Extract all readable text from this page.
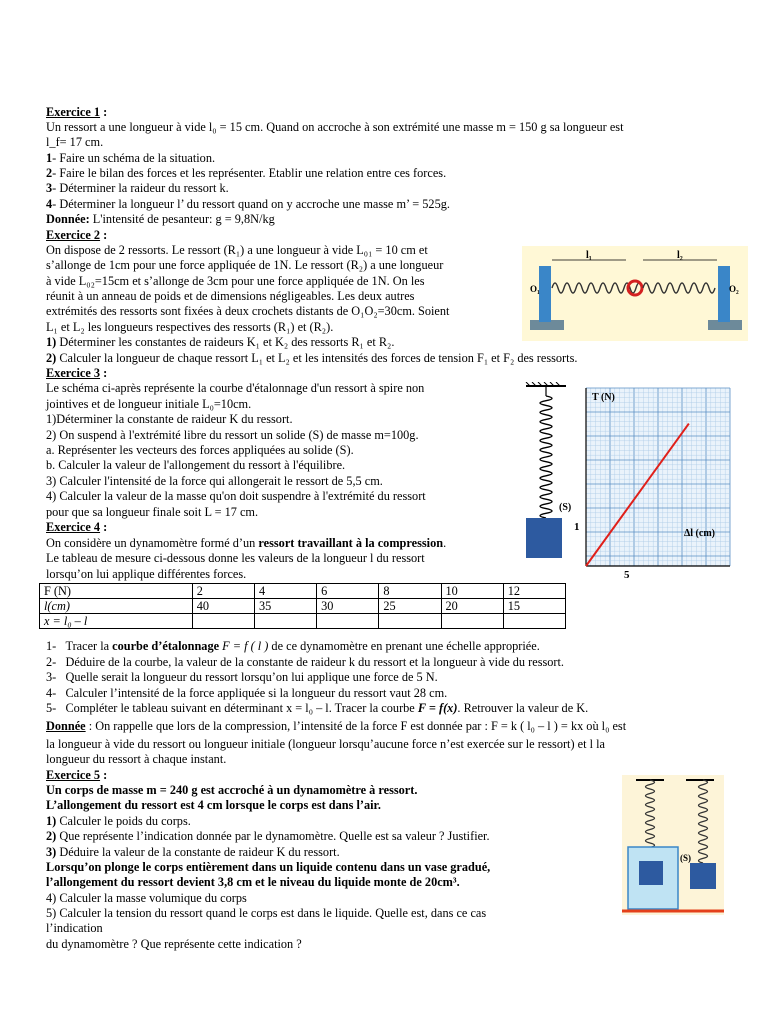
Exercice 1 :
Un ressort a une longueur à vide l₀ = 15 cm. Quand on accroche à son extrémité une masse m = 150 g sa longueur est
l_f= 17 cm.
1- Faire un schéma de la situation.
2- Faire le bilan des forces et les représenter. Etablir une relation entre ces forces.
3- Déterminer la raideur du ressort k.
4- Déterminer la longueur l’ du ressort quand on y accroche une masse m’ = 525g.
Donnée: L'intensité de pesanteur: g = 9,8N/kg
Exercice 2 :
On dispose de 2 ressorts. Le ressort (R₁) a une longueur à vide L₀₁ = 10 cm et
s’allonge de 1cm pour une force appliquée de 1N. Le ressort (R₂) a une longueur
à vide L₀₂=15cm et s’allonge de 3cm pour une force appliquée de 1N. On les
réunit à un anneau de poids et de dimensions négligeables. Les deux autres
extrémités des ressorts sont fixées à deux crochets distants de O₁O₂=30cm. Soient
L₁ et L₂ les longueurs respectives des ressorts (R₁) et (R₂).
1) Déterminer les constantes de raideurs K₁ et K₂ des ressorts R₁ et R₂.
2) Calculer la longueur de chaque ressort L₁ et L₂ et les intensités des forces de tension F₁ et F₂ des ressorts.
l₁	l₂
O₁	O₂
Exercice 3 :
Le schéma ci-après représente la courbe d'étalonnage d'un ressort à spire non
jointives et de longueur initiale L₀=10cm.
1)Déterminer la constante de raideur K du ressort.
2) On suspend à l'extrémité libre du ressort un solide (S) de masse m=100g.
a. Représenter les vecteurs des forces appliquées au solide (S).
b. Calculer la valeur de l'allongement du ressort à l'équilibre.
3) Calculer l'intensité de la force qui allongerait le ressort de 5,5 cm.
4) Calculer la valeur de la masse qu'on doit suspendre à l'extrémité du ressort
pour que sa longueur finale soit L = 17 cm.	(S)
T (N)
Δl (cm)
5
1
Exercice 4 :
On considère un dynamomètre formé d’un ressort travaillant à la compression.
Le tableau de mesure ci-dessous donne les valeurs de la longueur l du ressort
lorsqu’on lui applique différentes forces.
F (N)	2	4	6	8	10	12
l(cm)	40	35	30	25	20	15
x = l₀ – l						
1- Tracer la courbe d’étalonnage F = f ( l ) de ce dynamomètre en prenant une échelle appropriée.
2- Déduire de la courbe, la valeur de la constante de raideur k du ressort et la longueur à vide du ressort.
3- Quelle serait la longueur du ressort lorsqu’on lui applique une force de 5 N.
4- Calculer l’intensité de la force appliquée si la longueur du ressort vaut 28 cm.
5- Compléter le tableau suivant en déterminant x = l₀ – l. Tracer la courbe F = f(x). Retrouver la valeur de K.
Donnée : On rappelle que lors de la compression, l’intensité de la force F est donnée par : F = k ( l₀ – l ) = kx où l₀ est
la longueur à vide du ressort ou longueur initiale (longueur lorsqu’aucune force n’est exercée sur le ressort) et l la
longueur du ressort à chaque instant.
Exercice 5 :
Un corps de masse m = 240 g est accroché à un dynamomètre à ressort.
L’allongement du ressort est 4 cm lorsque le corps est dans l’air.
1) Calculer le poids du corps.
2) Que représente l’indication donnée par le dynamomètre. Quelle est sa valeur ? Justifier.
3) Déduire la valeur de la constante de raideur K du ressort.
Lorsqu’on plonge le corps entièrement dans un liquide contenu dans un vase gradué,
l’allongement du ressort devient 3,8 cm et le niveau du liquide monte de 20cm³.
4) Calculer la masse volumique du corps
5) Calculer la tension du ressort quand le corps est dans le liquide. Quelle est, dans ce cas
l’indication
du dynamomètre ? Que représente cette indication ?
(S)
